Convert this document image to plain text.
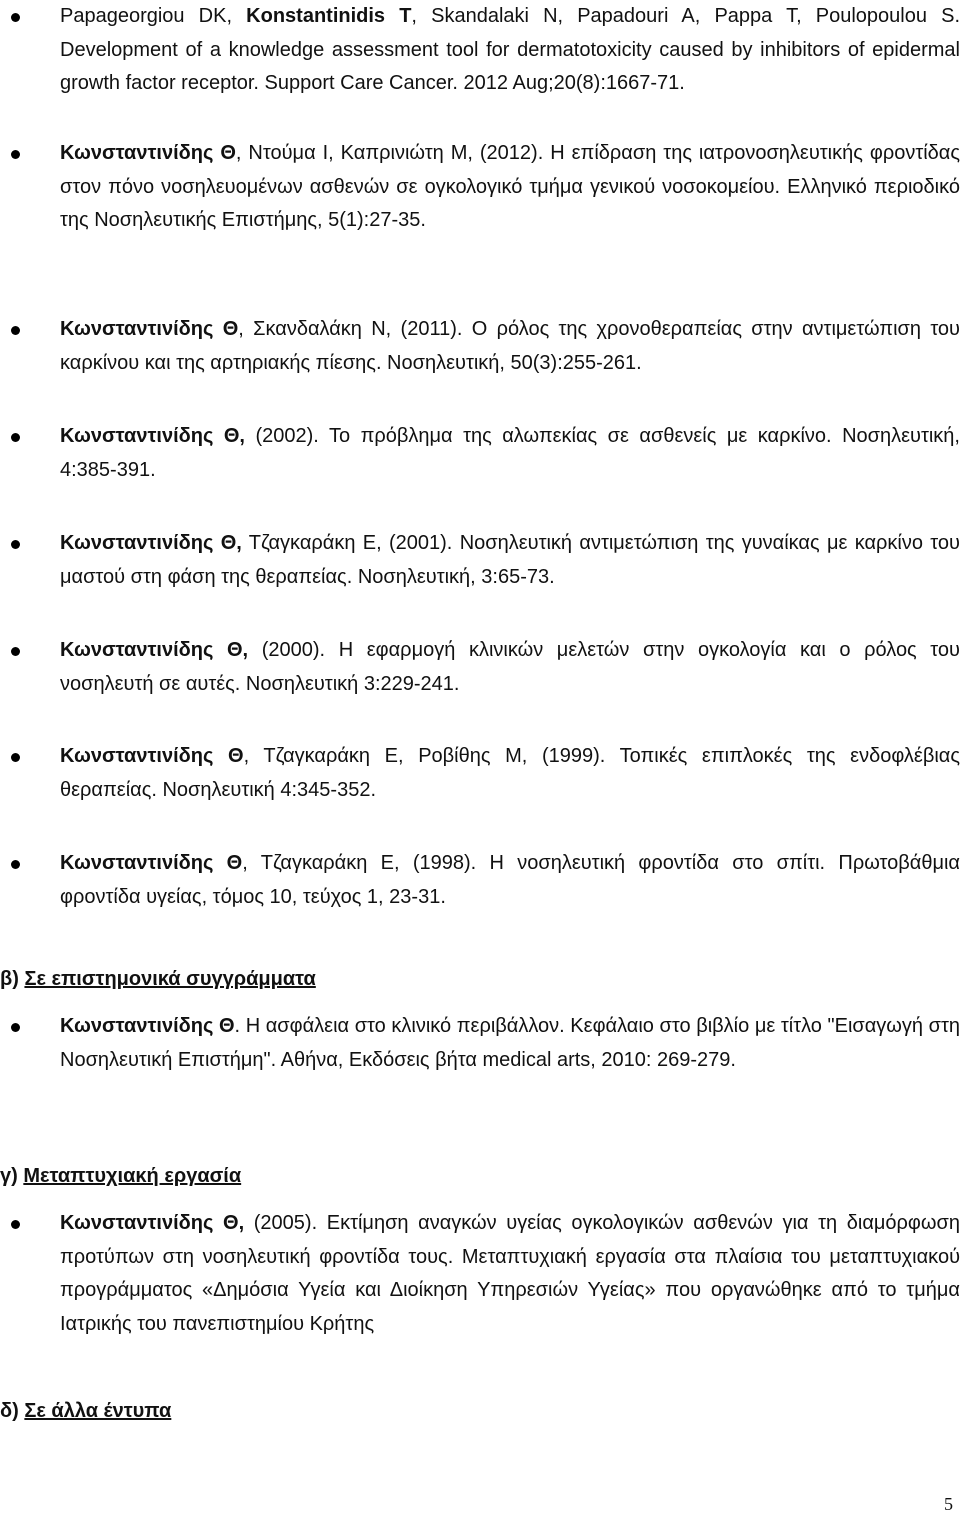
Papageorgiou DK, Konstantinidis T, Skandalaki N, Papadouri A, Pappa T, Poulopoulou S. Development of a knowledge assessment tool for dermatotoxicity caused by inhibitors of epidermal growth factor receptor. Support Care Cancer. 2012 Aug;20(8):1667-71.
Κωνσταντινίδης Θ, Ντούμα Ι, Καπρινιώτη Μ, (2012). Η επίδραση της ιατρονοσηλευτικής φροντίδας στον πόνο νοσηλευομένων ασθενών σε ογκολογικό τμήμα γενικού νοσοκομείου. Ελληνικό περιοδικό της Νοσηλευτικής Επιστήμης, 5(1):27-35.
Κωνσταντινίδης Θ, Σκανδαλάκη Ν, (2011). Ο ρόλος της χρονοθεραπείας στην αντιμετώπιση του καρκίνου και της αρτηριακής πίεσης. Νοσηλευτική, 50(3):255-261.
Κωνσταντινίδης Θ, (2002). Το πρόβλημα της αλωπεκίας σε ασθενείς με καρκίνο. Νοσηλευτική, 4:385-391.
Κωνσταντινίδης Θ, Τζαγκαράκη Ε, (2001). Νοσηλευτική αντιμετώπιση της γυναίκας με καρκίνο του μαστού στη φάση της θεραπείας. Νοσηλευτική, 3:65-73.
Κωνσταντινίδης Θ, (2000). Η εφαρμογή κλινικών μελετών στην ογκολογία και ο ρόλος του νοσηλευτή σε αυτές. Νοσηλευτική 3:229-241.
Κωνσταντινίδης Θ, Τζαγκαράκη Ε, Ροβίθης Μ, (1999). Τοπικές επιπλοκές της ενδοφλέβιας θεραπείας. Νοσηλευτική 4:345-352.
Κωνσταντινίδης Θ, Τζαγκαράκη Ε, (1998). Η νοσηλευτική φροντίδα στο σπίτι. Πρωτοβάθμια φροντίδα υγείας, τόμος 10, τεύχος 1, 23-31.
β) Σε επιστημονικά συγγράμματα
Κωνσταντινίδης Θ. Η ασφάλεια στο κλινικό περιβάλλον. Κεφάλαιο στο βιβλίο με τίτλο "Εισαγωγή στη Νοσηλευτική Επιστήμη". Αθήνα, Εκδόσεις βήτα medical arts, 2010: 269-279.
γ) Μεταπτυχιακή εργασία
Κωνσταντινίδης Θ, (2005). Εκτίμηση αναγκών υγείας ογκολογικών ασθενών για τη διαμόρφωση προτύπων στη νοσηλευτική φροντίδα τους. Μεταπτυχιακή εργασία στα πλαίσια του μεταπτυχιακού προγράμματος «Δημόσια Υγεία και Διοίκηση Υπηρεσιών Υγείας» που οργανώθηκε από το τμήμα Ιατρικής του πανεπιστημίου Κρήτης
δ) Σε άλλα έντυπα
5
